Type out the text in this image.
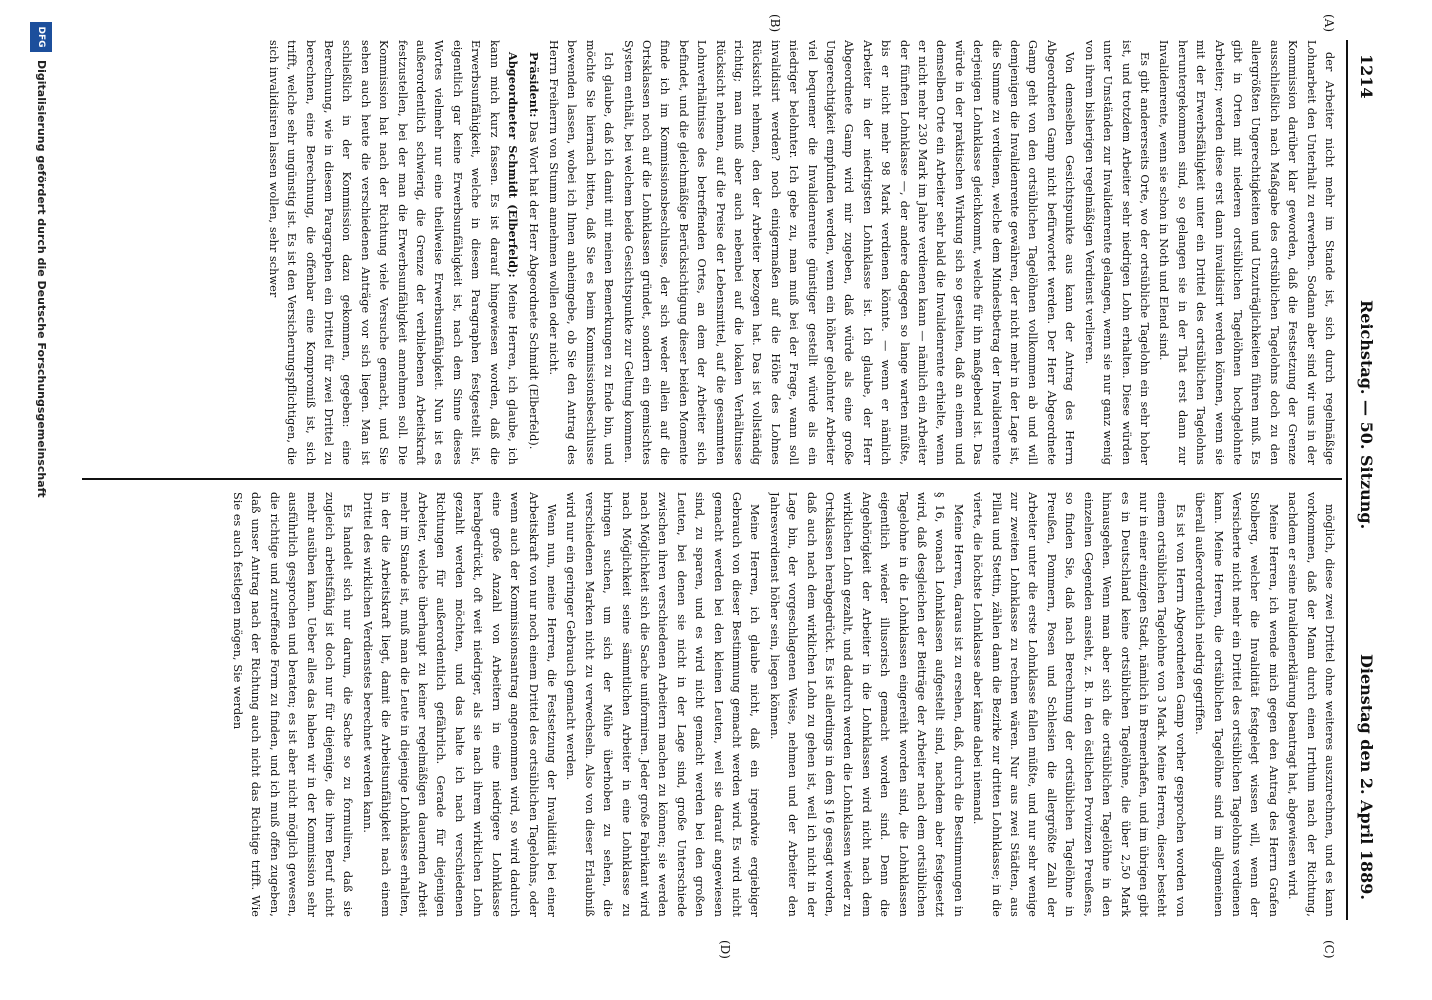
1214
Reichstag. — 50. Sitzung.
Dienstag den 2. April 1889.
(A)
(B)
(C)
(D)

der Arbeiter nicht mehr im Stande ist, sich durch regelmäßige Lohnarbeit den Unterhalt zu erwerben. Sodann aber sind wir uns in der Kommission darüber klar geworden, daß die Festsetzung der Grenze ausschließlich nach Maßgabe des ortsüblichen Tagelohns doch zu den allergrößten Ungerechtigkeiten und Unzuträglichkeiten führen muß. Es gibt in Orten mit niederen ortsüblichen Tagelöhnen hochgelohnte Arbeiter; werden diese erst dann invalidisirt werden können, wenn sie mit der Erwerbsfähigkeit unter ein Drittel des ortsüblichen Tagelohns heruntergekommen sind, so gelangen sie in der That erst dann zur Invalidenrente, wenn sie schon in Noth und Elend sind.

Es gibt andererseits Orte, wo der ortsübliche Tagelohn ein sehr hoher ist, und trotzdem Arbeiter sehr niedrigen Lohn erhalten. Diese würden unter Umständen zur Invalidenrente gelangen, wenn sie nur ganz wenig von ihrem bisherigen regelmäßigen Verdienst verlieren.

Von demselben Gesichtspunkte aus kann der Antrag des Herrn Abgeordneten Gamp nicht befürwortet werden. Der Herr Abgeordnete Gamp geht von den ortsüblichen Tagelöhnen vollkommen ab und will demjenigen die Invalidenrente gewähren, der nicht mehr in der Lage ist, die Summe zu verdienen, welche dem Mindestbetrag der Invalidenrente derjenigen Lohnklasse gleichkommt, welche für ihn maßgebend ist. Das würde in der praktischen Wirkung sich so gestalten, daß an einem und demselben Orte ein Arbeiter sehr bald die Invalidenrente erhielte, wenn er nicht mehr 230 Mark im Jahre verdienen kann — nämlich ein Arbeiter der fünften Lohnklasse —, der andere dagegen so lange warten müßte, bis er nicht mehr 98 Mark verdienen könnte. — wenn er nämlich Arbeiter in der niedrigsten Lohnklasse ist. Ich glaube, der Herr Abgeordnete Gamp wird mir zugeben, daß würde als eine große Ungerechtigkeit empfunden werden, wenn ein höher gelohnter Arbeiter viel bequemer die Invalidenrente günstiger gestellt würde als ein niedriger belohnter. Ich gebe zu, man muß bei der Frage, wann soll invalidisirt werden? noch einigermaßen auf die Höhe des Lohnes Rücksicht nehmen, den der Arbeiter bezogen hat. Das ist vollständig richtig; man muß aber auch nebenbei auf die lokalen Verhältnisse Rücksicht nehmen, auf die Preise der Lebensmittel, auf die gesammten Lohnverhältnisse des betreffenden Ortes, an dem der Arbeiter sich befindet, und die gleichmäßige Berücksichtigung dieser beiden Momente finde ich im Kommissionsbeschlusse, der sich weder allein auf die Ortsklassen noch auf die Lohnklassen gründet, sondern ein gemischtes System enthält, bei welchem beide Gesichtspunkte zur Geltung kommen.

Ich glaube, daß ich damit mit meinen Bemerkungen zu Ende bin, und möchte Sie hiernach bitten, daß Sie es beim Kommissionsbeschlusse bewenden lassen, wobei ich Ihnen anheimgebe, ob Sie den Antrag des Herrn Freiherrn von Stumm annehmen wollen oder nicht.

Präsident: Das Wort hat der Herr Abgeordnete Schmidt (Elberfeld).

Abgeordneter Schmidt (Elberfeld): Meine Herren, ich glaube, ich kann mich kurz fassen. Es ist darauf hingewiesen worden, daß die Erwerbsunfähigkeit, welche in diesem Paragraphen festgestellt ist, eigentlich gar keine Erwerbsunfähigkeit ist, nach dem Sinne dieses Wortes vielmehr nur eine theilweise Erwerbsunfähigkeit. Nun ist es außerordentlich schwierig, die Grenze der verbliebenen Arbeitskraft festzustellen, bei der man die Erwerbsunfähigkeit annehmen soll. Die Kommission hat nach der Richtung viele Versuche gemacht, und Sie sehen auch heute die verschiedenen Anträge vor sich liegen. Man ist schließlich in der Kommission dazu gekommen, gegeben: eine Berechnung, wie in diesem Paragraphen ein Drittel für zwei Drittel zu berechnen, eine Berechnung, die offenbar eine Kompromiß ist, sich trifft, welche sehr ungünstig ist. Es ist den Versicherungspflichtigen, die sich invalidisiren lassen wollen, sehr schwer

möglich, diese zwei Drittel ohne weiteres auszurechnen, und es kann vorkommen, daß der Mann durch einen Irrthum nach der Richtung, nachdem er seine Invalidenerklärung beantragt hat, abgewiesen wird.

Meine Herren, ich wende mich gegen den Antrag des Herrn Grafen Stolberg, welcher die Invalidität festgelegt wissen will, wenn der Versicherte nicht mehr ein Drittel des ortsüblichen Tagelohns verdienen kann. Meine Herren, die ortsüblichen Tagelöhne sind im allgemeinen überall außerordentlich niedrig gegriffen.

Es ist von Herrn Abgeordneten Gamp vorher gesprochen worden von einem ortsüblichen Tagelohne von 3 Mark. Meine Herren, dieser besteht nur in einer einzigen Stadt, nämlich in Bremerhafen, und im übrigen gibt es in Deutschland keine ortsüblichen Tagelöhne, die über 2,50 Mark hinausgehen. Wenn man aber sich die ortsüblichen Tagelöhne in den einzelnen Gegenden ansieht, z. B. in den östlichen Provinzen Preußens, so finden Sie, daß nach Berechnung der ortsüblichen Tagelöhne in Preußen, Pommern, Posen und Schlesien die allergrößte Zahl der Arbeiter unter die erste Lohnklasse fallen müßte, und nur sehr wenige zur zweiten Lohnklasse zu rechnen wären. Nur aus zwei Städten, aus Pillau und Stettin, zählen dann die Bezirke zur dritten Lohnklasse; in die vierte, die höchste Lohnklasse aber käme dabei niemand.

Meine Herren, daraus ist zu ersehen, daß, durch die Bestimmungen in § 16, wonach Lohnklassen aufgestellt sind, nachdem aber festgesetzt wird, daß desgleichen der Beiträge der Arbeiter nach dem ortsüblichen Tagelohne in die Lohnklassen eingereiht worden sind, die Lohnklassen eigentlich wieder illusorisch gemacht worden sind. Denn die Angehörigkeit der Arbeiter in die Lohnklassen wird nicht nach dem wirklichen Lohn gezahlt, und dadurch werden die Lohnklassen wieder zu Ortsklassen herabgedrückt. Es ist allerdings in dem § 16 gesagt worden, daß auch nach dem wirklichen Lohn zu gehen ist, weil ich nicht in der Lage bin, der vorgeschlagenen Weise, nehmen und der Arbeiter den Jahresverdienst höher sein, liegen können.

Meine Herren, ich glaube nicht, daß ein irgendwie ergiebiger Gebrauch von dieser Bestimmung gemacht werden wird. Es wird nicht gemacht werden bei den kleinen Leuten, weil sie darauf angewiesen sind, zu sparen, und es wird nicht gemacht werden bei den großen Leuten, bei denen sie nicht in der Lage sind, große Unterschiede zwischen ihren verschiedenen Arbeitern machen zu können; sie werden nach Möglichkeit sich die Sache uniformiren. Jeder große Fabrikant wird nach Möglichkeit seine sämmtlichen Arbeiter in eine Lohnklasse zu bringen suchen, um sich der Mühe überhoben zu sehen, die verschiedenen Marken nicht zu verwechseln. Also von dieser Erlaubniß wird nur ein geringer Gebrauch gemacht werden.

Wenn nun, meine Herren, die Festsetzung der Invalidität bei einer Arbeitskraft von nur noch einem Drittel des ortsüblichen Tagelohns, oder wenn auch der Kommissionsantrag angenommen wird, so wird dadurch eine große Anzahl von Arbeitern in eine niedrigere Lohnklasse herabgedrückt, oft weit niedriger, als sie nach ihrem wirklichen Lohn gezahlt werden möchten, und das halte ich nach verschiedenen Richtungen für außerordentlich gefährlich. Gerade für diejenigen Arbeiter, welche überhaupt zu keiner regelmäßigen dauernden Arbeit mehr im Stande ist, muß man die Leute in diejenige Lohnklasse erhalten, in der die Arbeitskraft liegt, damit die Arbeitsunfähigkeit nach einem Drittel des wirklichen Verdienstes berechnet werden kann.

Es handelt sich nur darum, die Sache so zu formuliren, daß sie zugleich arbeitsfähig ist doch nur für diejenige, die ihren Beruf nicht mehr ausüben kann. Ueber alles das haben wir in der Kommission sehr ausführlich gesprochen und beraten; es ist aber nicht möglich gewesen, die richtige und zutreffende Form zu finden, und ich muß offen zugeben, daß unser Antrag nach der Richtung auch nicht das Richtige trifft. Wie Sie es auch festlegen mögen, Sie werden

DFG
Digitalisierung gefördert durch die Deutsche Forschungsgemeinschaft
